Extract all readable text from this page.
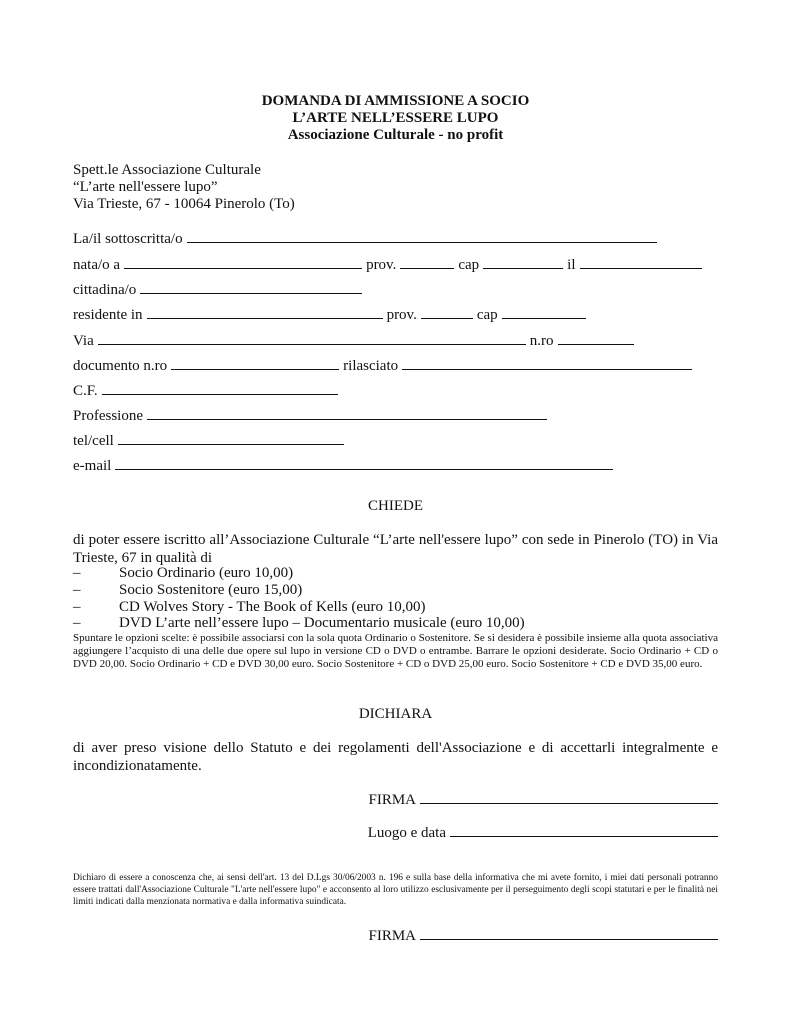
DOMANDA DI AMMISSIONE A SOCIO
L’ARTE NELL’ESSERE LUPO
Associazione Culturale - no profit
Spett.le Associazione Culturale
“L’arte nell'essere lupo”
Via Trieste, 67 - 10064 Pinerolo (To)
La/il sottoscritta/o
nata/o a	prov.	cap	il
cittadina/o
residente in	prov.	cap
Via	n.ro
documento n.ro	rilasciato
C.F.
Professione
tel/cell
e-mail
CHIEDE
di poter essere iscritto all’Associazione Culturale “L’arte nell'essere lupo” con sede in Pinerolo (TO) in Via Trieste, 67 in qualità di
–	Socio Ordinario (euro 10,00)
–	Socio Sostenitore (euro 15,00)
–	CD Wolves Story - The Book of Kells (euro 10,00)
–	DVD L’arte nell’essere lupo – Documentario musicale (euro 10,00)
Spuntare le opzioni scelte: è possibile associarsi con la sola quota Ordinario o Sostenitore. Se si desidera è possibile insieme alla quota associativa aggiungere l’acquisto di una delle due opere sul lupo in versione CD o DVD o entrambe. Barrare le opzioni desiderate. Socio Ordinario + CD o DVD 20,00. Socio Ordinario + CD e DVD 30,00 euro. Socio Sostenitore + CD o DVD 25,00 euro. Socio Sostenitore + CD e DVD 35,00 euro.
DICHIARA
di aver preso visione dello Statuto e dei regolamenti dell'Associazione e di accettarli integralmente e incondizionatamente.
FIRMA
Luogo e data
Dichiaro di essere a conoscenza che, ai sensi dell'art. 13 del D.Lgs 30/06/2003 n. 196 e sulla base della informativa che mi avete fornito, i miei dati personali potranno essere trattati dall'Associazione Culturale "L'arte nell'essere lupo" e acconsento al loro utilizzo esclusivamente per il perseguimento degli scopi statutari e per le finalità nei limiti indicati dalla menzionata normativa e dalla informativa suindicata.
FIRMA
